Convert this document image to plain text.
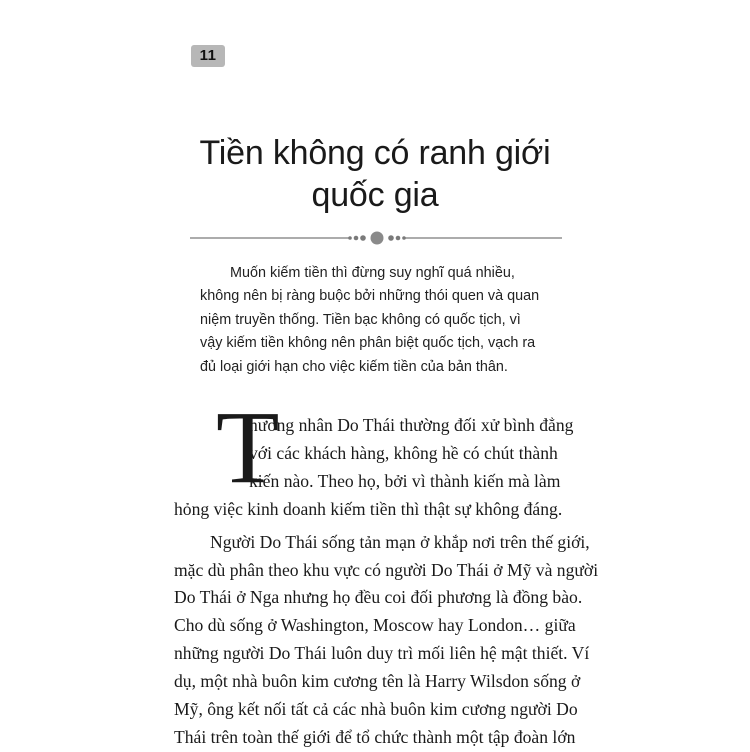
11
Tiền không có ranh giới
quốc gia
Muốn kiếm tiền thì đừng suy nghĩ quá nhiều,
không nên bị ràng buộc bởi những thói quen và quan
niệm truyền thống. Tiền bạc không có quốc tịch, vì
vậy kiếm tiền không nên phân biệt quốc tịch, vạch ra
đủ loại giới hạn cho việc kiếm tiền của bản thân.
T
hương nhân Do Thái thường đối xử bình đẳng
với các khách hàng, không hề có chút thành
kiến nào. Theo họ, bởi vì thành kiến mà làm
hỏng việc kinh doanh kiếm tiền thì thật sự không đáng.
Người Do Thái sống tản mạn ở khắp nơi trên thế giới,
mặc dù phân theo khu vực có người Do Thái ở Mỹ và người
Do Thái ở Nga nhưng họ đều coi đối phương là đồng bào.
Cho dù sống ở Washington, Moscow hay London… giữa
những người Do Thái luôn duy trì mối liên hệ mật thiết. Ví
dụ, một nhà buôn kim cương tên là Harry Wilsdon sống ở
Mỹ, ông kết nối tất cả các nhà buôn kim cương người Do
Thái trên toàn thế giới để tổ chức thành một tập đoàn lớn
